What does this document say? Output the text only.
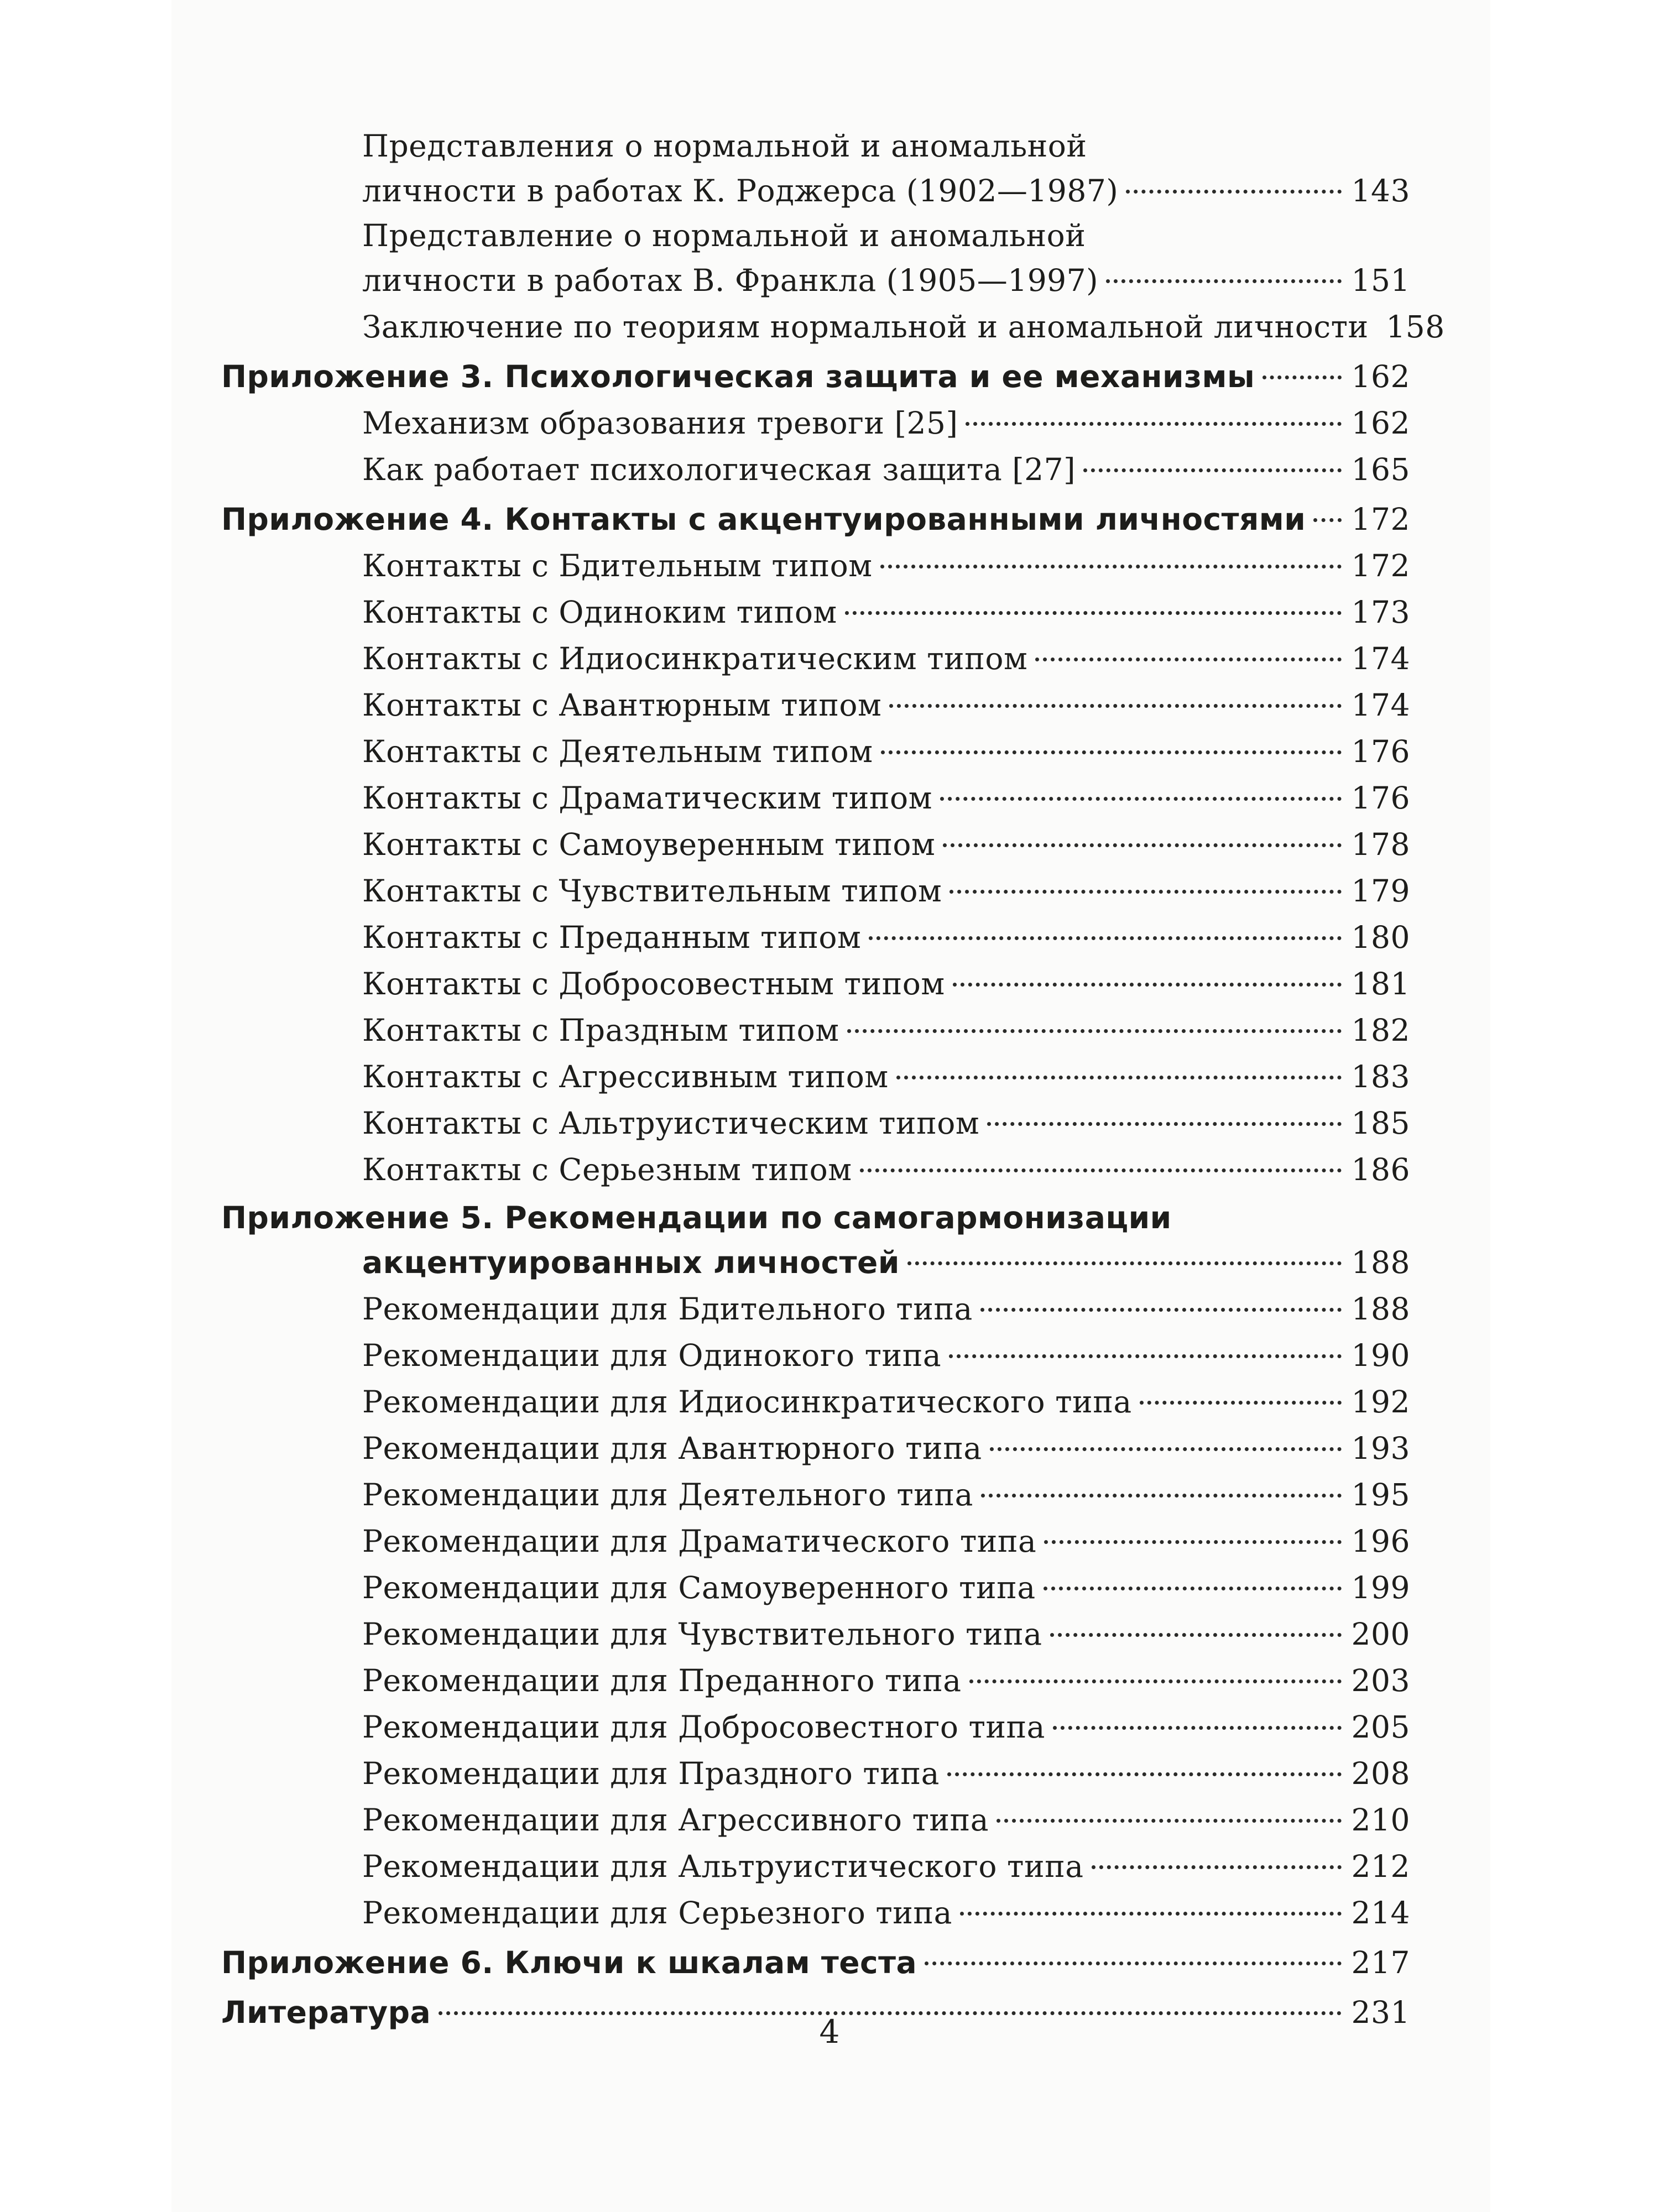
Представления о нормальной и аномальной
личности в работах К. Роджерса (1902—1987)	143
Представление о нормальной и аномальной
личности в работах В. Франкла (1905—1997)	151
Заключение по теориям нормальной и аномальной личности 158
Приложение 3. Психологическая защита и ее механизмы	162
Механизм образования тревоги [25]	162
Как работает психологическая защита [27]	165
Приложение 4. Контакты с акцентуированными личностями 172
Контакты с Бдительным типом	172
Контакты с Одиноким типом	173
Контакты с Идиосинкратическим типом	174
Контакты с Авантюрным типом	174
Контакты с Деятельным типом	176
Контакты с Драматическим типом	176
Контакты с Самоуверенным типом	178
Контакты с Чувствительным типом	179
Контакты с Преданным типом	180
Контакты с Добросовестным типом	181
Контакты с Праздным типом	182
Контакты с Агрессивным типом	183
Контакты с Альтруистическим типом	185
Контакты с Серьезным типом	186
Приложение 5. Рекомендации по самогармонизации
акцентуированных личностей	188
Рекомендации для Бдительного типа	188
Рекомендации для Одинокого типа	190
Рекомендации для Идиосинкратического типа	192
Рекомендации для Авантюрного типа	193
Рекомендации для Деятельного типа	195
Рекомендации для Драматического типа	196
Рекомендации для Самоуверенного типа	199
Рекомендации для Чувствительного типа	200
Рекомендации для Преданного типа	203
Рекомендации для Добросовестного типа	205
Рекомендации для Праздного типа	208
Рекомендации для Агрессивного типа	210
Рекомендации для Альтруистического типа	212
Рекомендации для Серьезного типа	214
Приложение 6. Ключи к шкалам теста	217
Литература	231
4
